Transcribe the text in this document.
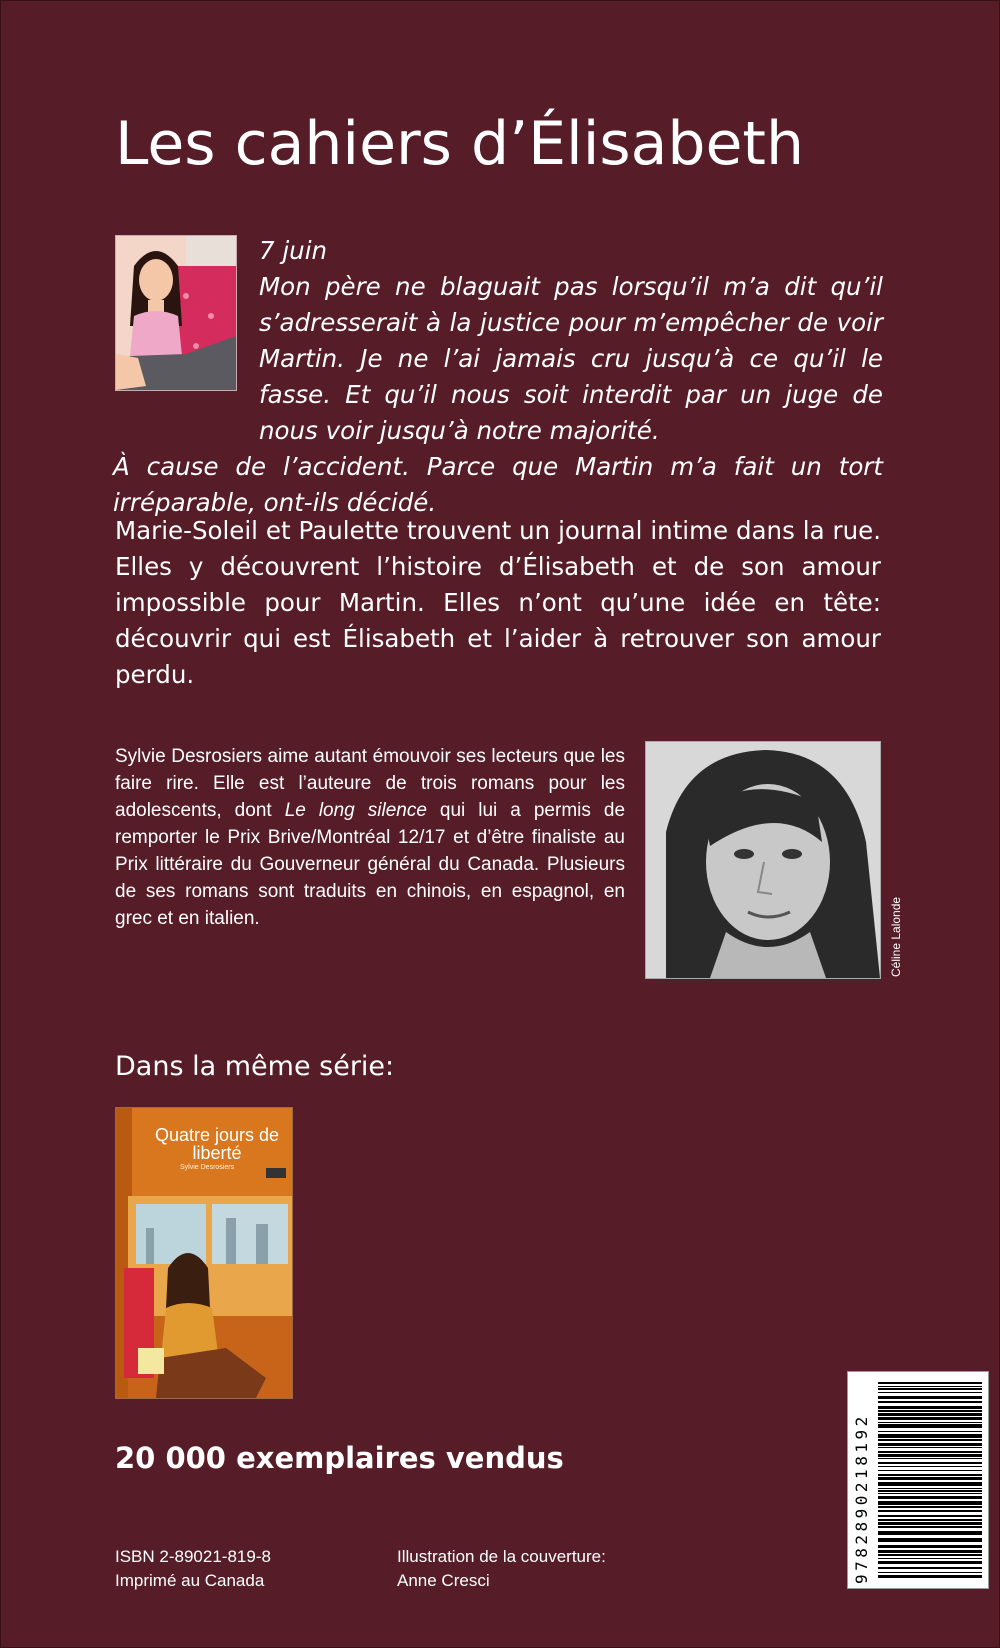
Les cahiers d’Élisabeth
7 juin
Mon père ne blaguait pas lorsqu’il m’a dit qu’il s’adresserait à la justice pour m’empêcher de voir Martin. Je ne l’ai jamais cru jusqu’à ce qu’il le fasse. Et qu’il nous soit interdit par un juge de nous voir jusqu’à notre majorité.
À cause de l’accident. Parce que Martin m’a fait un tort irréparable, ont-ils décidé.
Marie-Soleil et Paulette trouvent un journal intime dans la rue. Elles y découvrent l’histoire d’Élisabeth et de son amour impossible pour Martin. Elles n’ont qu’une idée en tête: découvrir qui est Élisabeth et l’aider à retrouver son amour perdu.
Sylvie Desrosiers aime autant émouvoir ses lecteurs que les faire rire. Elle est l’auteure de trois romans pour les adolescents, dont Le long silence qui lui a permis de remporter le Prix Brive/Montréal 12/17 et d’être finaliste au Prix littéraire du Gouverneur général du Canada. Plusieurs de ses romans sont traduits en chinois, en espagnol, en grec et en italien.	Céline Lalonde
Dans la même série:
Quatre jours de liberté
Sylvie Desrosiers
20 000 exemplaires vendus
ISBN 2-89021-819-8
Imprimé au Canada
Illustration de la couverture:
Anne Cresci	9782890218192
